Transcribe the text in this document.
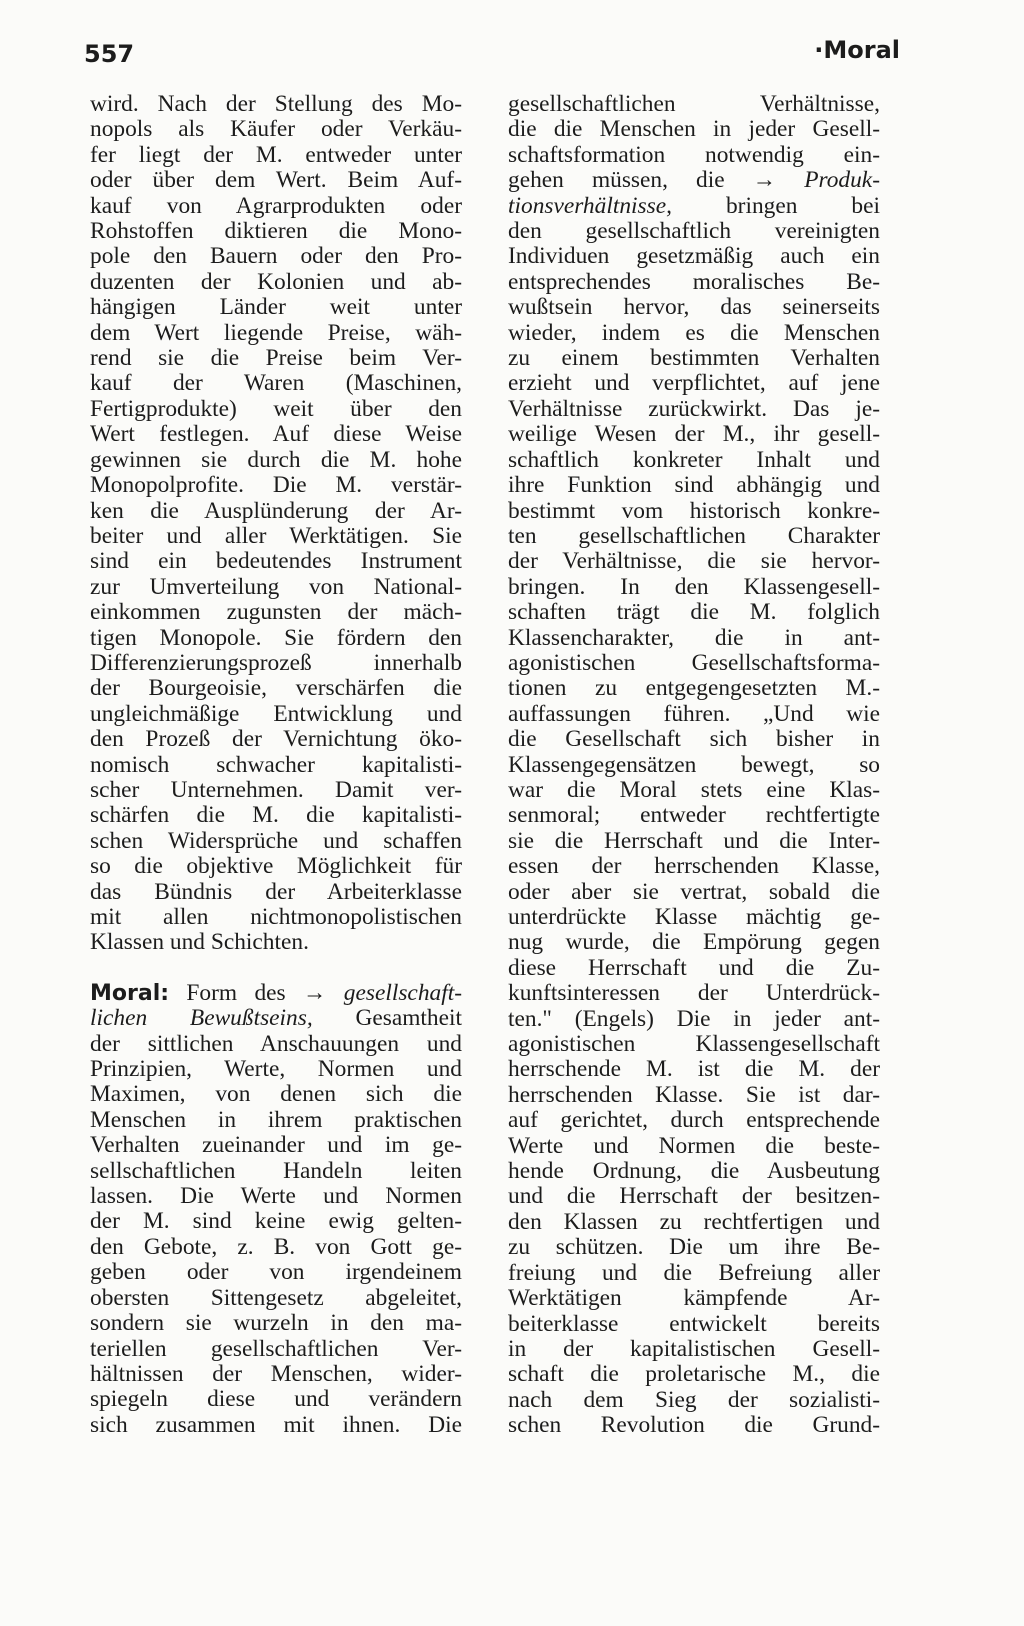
557	·Moral

wird. Nach der Stellung des Mo-
nopols als Käufer oder Verkäu-
fer liegt der M. entweder unter
oder über dem Wert. Beim Auf-
kauf von Agrarprodukten oder
Rohstoffen diktieren die Mono-
pole den Bauern oder den Pro-
duzenten der Kolonien und ab-
hängigen Länder weit unter
dem Wert liegende Preise, wäh-
rend sie die Preise beim Ver-
kauf der Waren (Maschinen,
Fertigprodukte) weit über den
Wert festlegen. Auf diese Weise
gewinnen sie durch die M. hohe
Monopolprofite. Die M. verstär-
ken die Ausplünderung der Ar-
beiter und aller Werktätigen. Sie
sind ein bedeutendes Instrument
zur Umverteilung von National-
einkommen zugunsten der mäch-
tigen Monopole. Sie fördern den
Differenzierungsprozeß innerhalb
der Bourgeoisie, verschärfen die
ungleichmäßige Entwicklung und
den Prozeß der Vernichtung öko-
nomisch schwacher kapitalisti-
scher Unternehmen. Damit ver-
schärfen die M. die kapitalisti-
schen Widersprüche und schaffen
so die objektive Möglichkeit für
das Bündnis der Arbeiterklasse
mit allen nichtmonopolistischen
Klassen und Schichten.

Moral: Form des → gesellschaft-
lichen Bewußtseins, Gesamtheit
der sittlichen Anschauungen und
Prinzipien, Werte, Normen und
Maximen, von denen sich die
Menschen in ihrem praktischen
Verhalten zueinander und im ge-
sellschaftlichen Handeln leiten
lassen. Die Werte und Normen
der M. sind keine ewig gelten-
den Gebote, z. B. von Gott ge-
geben oder von irgendeinem
obersten Sittengesetz abgeleitet,
sondern sie wurzeln in den ma-
teriellen gesellschaftlichen Ver-
hältnissen der Menschen, wider-
spiegeln diese und verändern
sich zusammen mit ihnen. Die

gesellschaftlichen Verhältnisse,
die die Menschen in jeder Gesell-
schaftsformation notwendig ein-
gehen müssen, die → Produk-
tionsverhältnisse, bringen bei
den gesellschaftlich vereinigten
Individuen gesetzmäßig auch ein
entsprechendes moralisches Be-
wußtsein hervor, das seinerseits
wieder, indem es die Menschen
zu einem bestimmten Verhalten
erzieht und verpflichtet, auf jene
Verhältnisse zurückwirkt. Das je-
weilige Wesen der M., ihr gesell-
schaftlich konkreter Inhalt und
ihre Funktion sind abhängig und
bestimmt vom historisch konkre-
ten gesellschaftlichen Charakter
der Verhältnisse, die sie hervor-
bringen. In den Klassengesell-
schaften trägt die M. folglich
Klassencharakter, die in ant-
agonistischen Gesellschaftsforma-
tionen zu entgegengesetzten M.-
auffassungen führen. „Und wie
die Gesellschaft sich bisher in
Klassengegensätzen bewegt, so
war die Moral stets eine Klas-
senmoral; entweder rechtfertigte
sie die Herrschaft und die Inter-
essen der herrschenden Klasse,
oder aber sie vertrat, sobald die
unterdrückte Klasse mächtig ge-
nug wurde, die Empörung gegen
diese Herrschaft und die Zu-
kunftsinteressen der Unterdrück-
ten." (Engels) Die in jeder ant-
agonistischen Klassengesellschaft
herrschende M. ist die M. der
herrschenden Klasse. Sie ist dar-
auf gerichtet, durch entsprechende
Werte und Normen die beste-
hende Ordnung, die Ausbeutung
und die Herrschaft der besitzen-
den Klassen zu rechtfertigen und
zu schützen. Die um ihre Be-
freiung und die Befreiung aller
Werktätigen kämpfende Ar-
beiterklasse entwickelt bereits
in der kapitalistischen Gesell-
schaft die proletarische M., die
nach dem Sieg der sozialisti-
schen Revolution die Grund-
